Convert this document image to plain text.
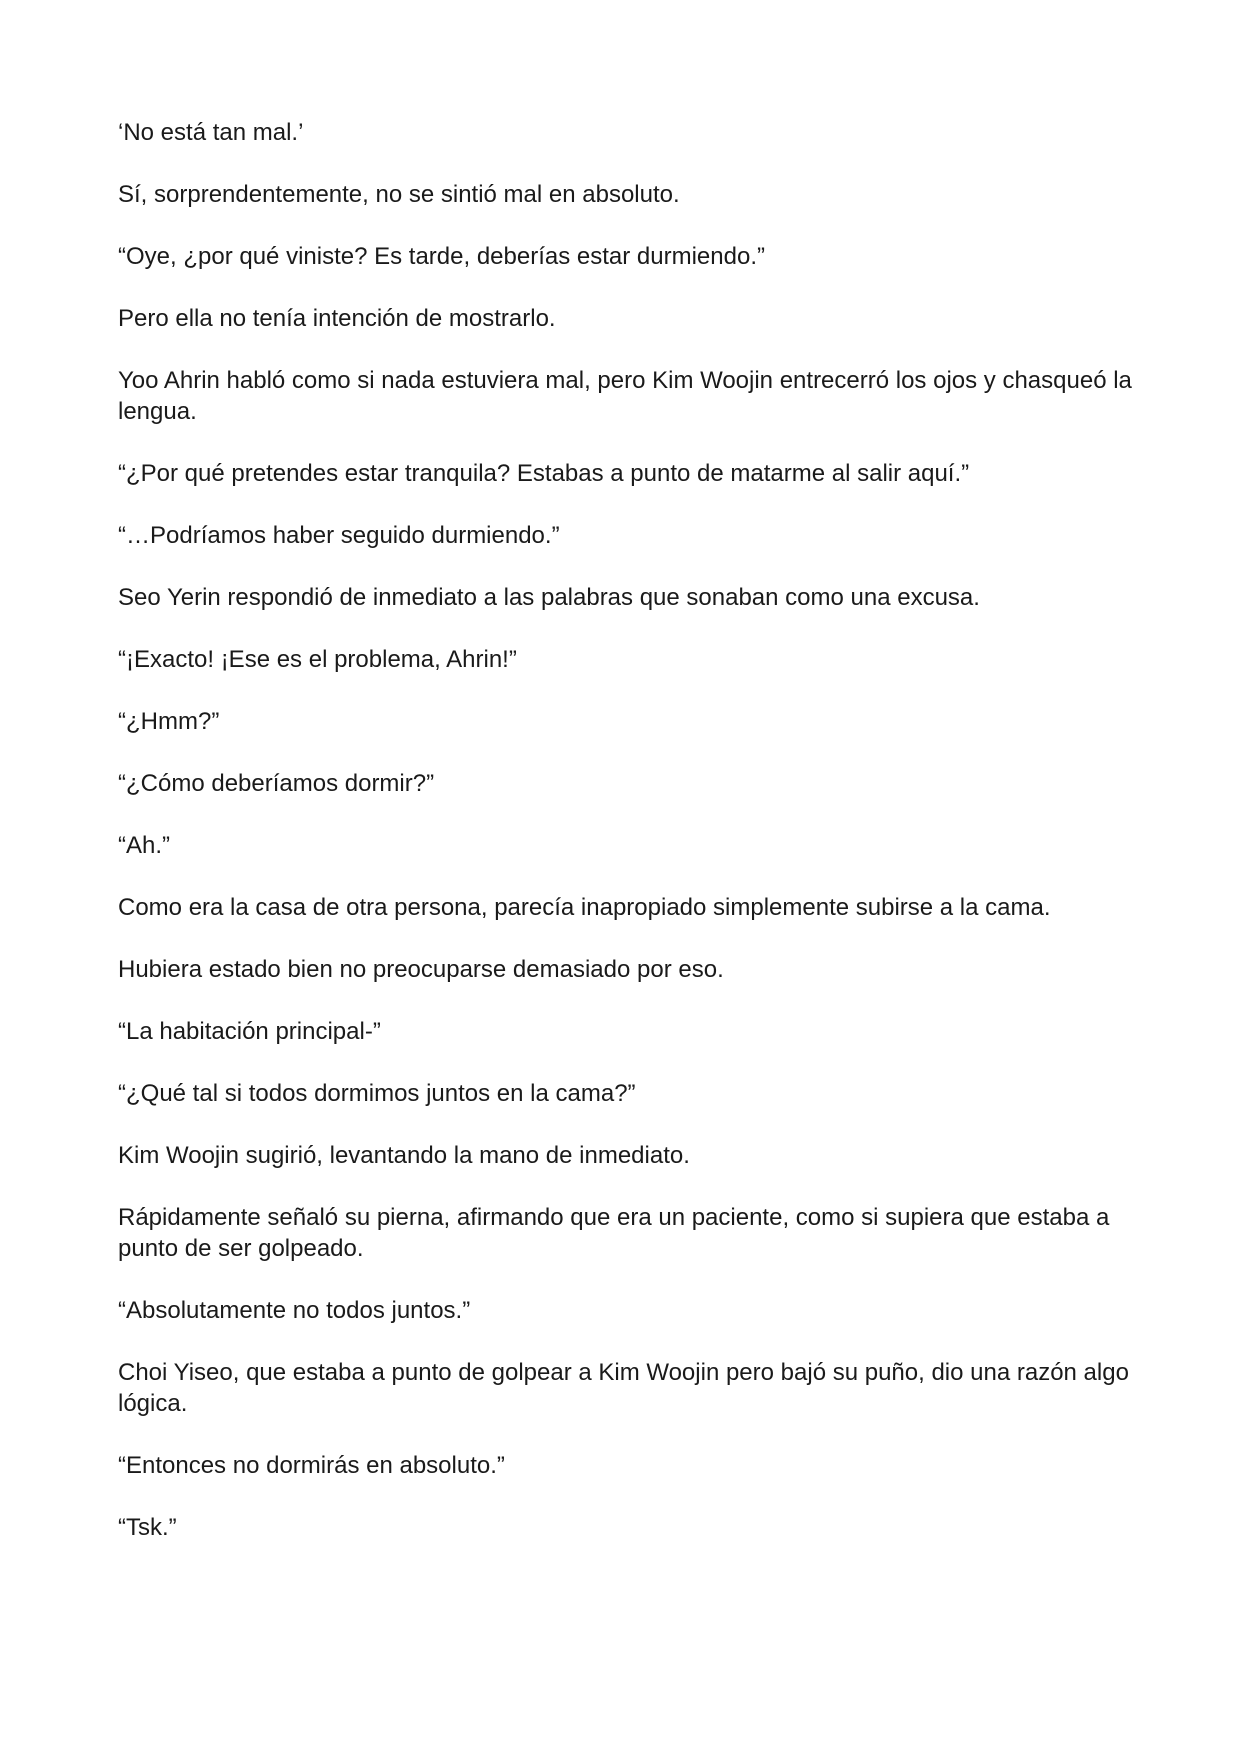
‘No está tan mal.’

Sí, sorprendentemente, no se sintió mal en absoluto.

“Oye, ¿por qué viniste? Es tarde, deberías estar durmiendo.”

Pero ella no tenía intención de mostrarlo.

Yoo Ahrin habló como si nada estuviera mal, pero Kim Woojin entrecerró los ojos y chasqueó la lengua.

“¿Por qué pretendes estar tranquila? Estabas a punto de matarme al salir aquí.”

“…Podríamos haber seguido durmiendo.”

Seo Yerin respondió de inmediato a las palabras que sonaban como una excusa.

“¡Exacto! ¡Ese es el problema, Ahrin!”

“¿Hmm?”

“¿Cómo deberíamos dormir?”

“Ah.”

Como era la casa de otra persona, parecía inapropiado simplemente subirse a la cama.

Hubiera estado bien no preocuparse demasiado por eso.

“La habitación principal-”

“¿Qué tal si todos dormimos juntos en la cama?”

Kim Woojin sugirió, levantando la mano de inmediato.

Rápidamente señaló su pierna, afirmando que era un paciente, como si supiera que estaba a punto de ser golpeado.

“Absolutamente no todos juntos.”

Choi Yiseo, que estaba a punto de golpear a Kim Woojin pero bajó su puño, dio una razón algo lógica.

“Entonces no dormirás en absoluto.”

“Tsk.”
